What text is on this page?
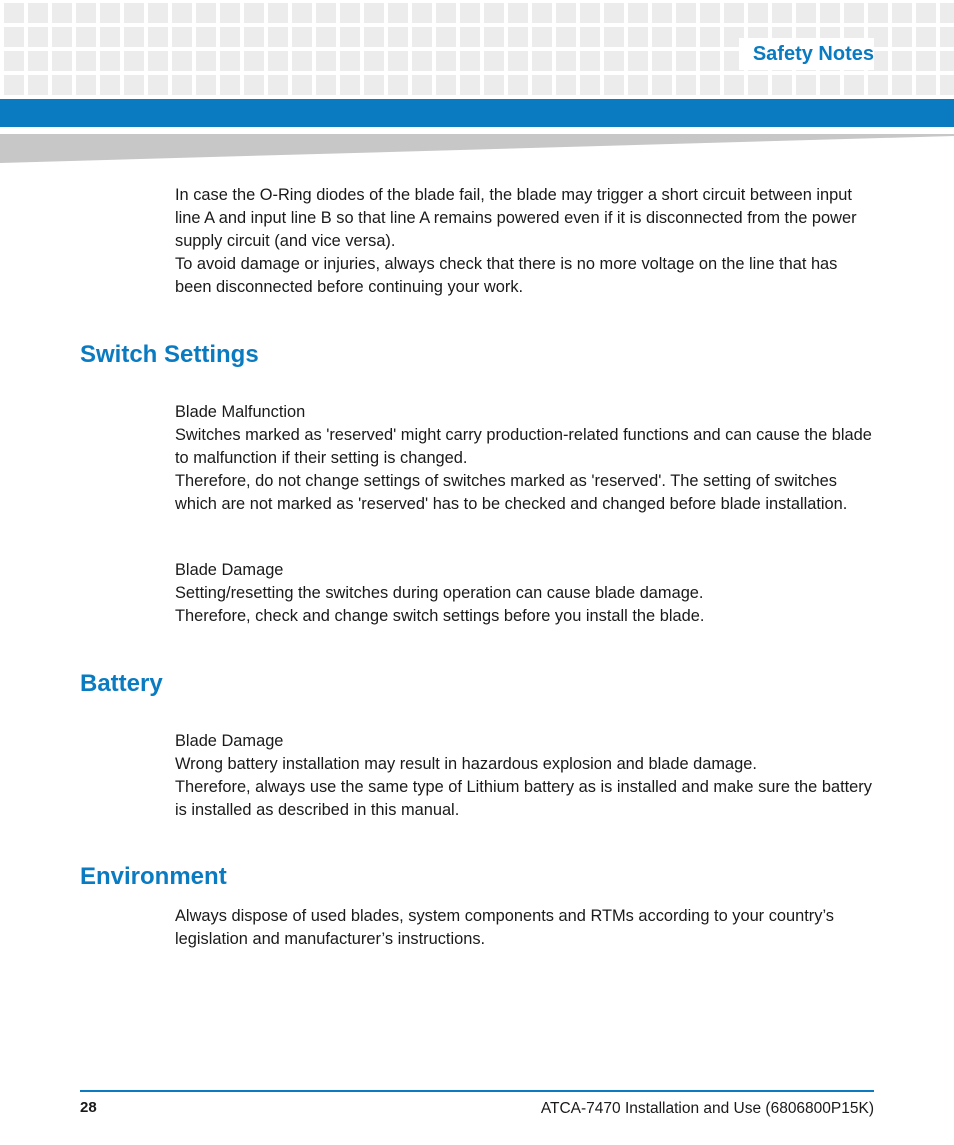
Safety Notes

In case the O-Ring diodes of the blade fail, the blade may trigger a short circuit between input line A and input line B so that line A remains powered even if it is disconnected from the power supply circuit (and vice versa).

To avoid damage or injuries, always check that there is no more voltage on the line that has been disconnected before continuing your work.

Switch Settings

Blade Malfunction

Switches marked as 'reserved' might carry production-related functions and can cause the blade to malfunction if their setting is changed.

Therefore, do not change settings of switches marked as 'reserved'. The setting of switches which are not marked as 'reserved' has to be checked and changed before blade installation.

Blade Damage

Setting/resetting the switches during operation can cause blade damage.

Therefore, check and change switch settings before you install the blade.

Battery

Blade Damage

Wrong battery installation may result in hazardous explosion and blade damage.

Therefore, always use the same type of Lithium battery as is installed and make sure the battery is installed as described in this manual.

Environment

Always dispose of used blades, system components and RTMs according to your country’s legislation and manufacturer’s instructions.

28	ATCA-7470 Installation and Use (6806800P15K)
